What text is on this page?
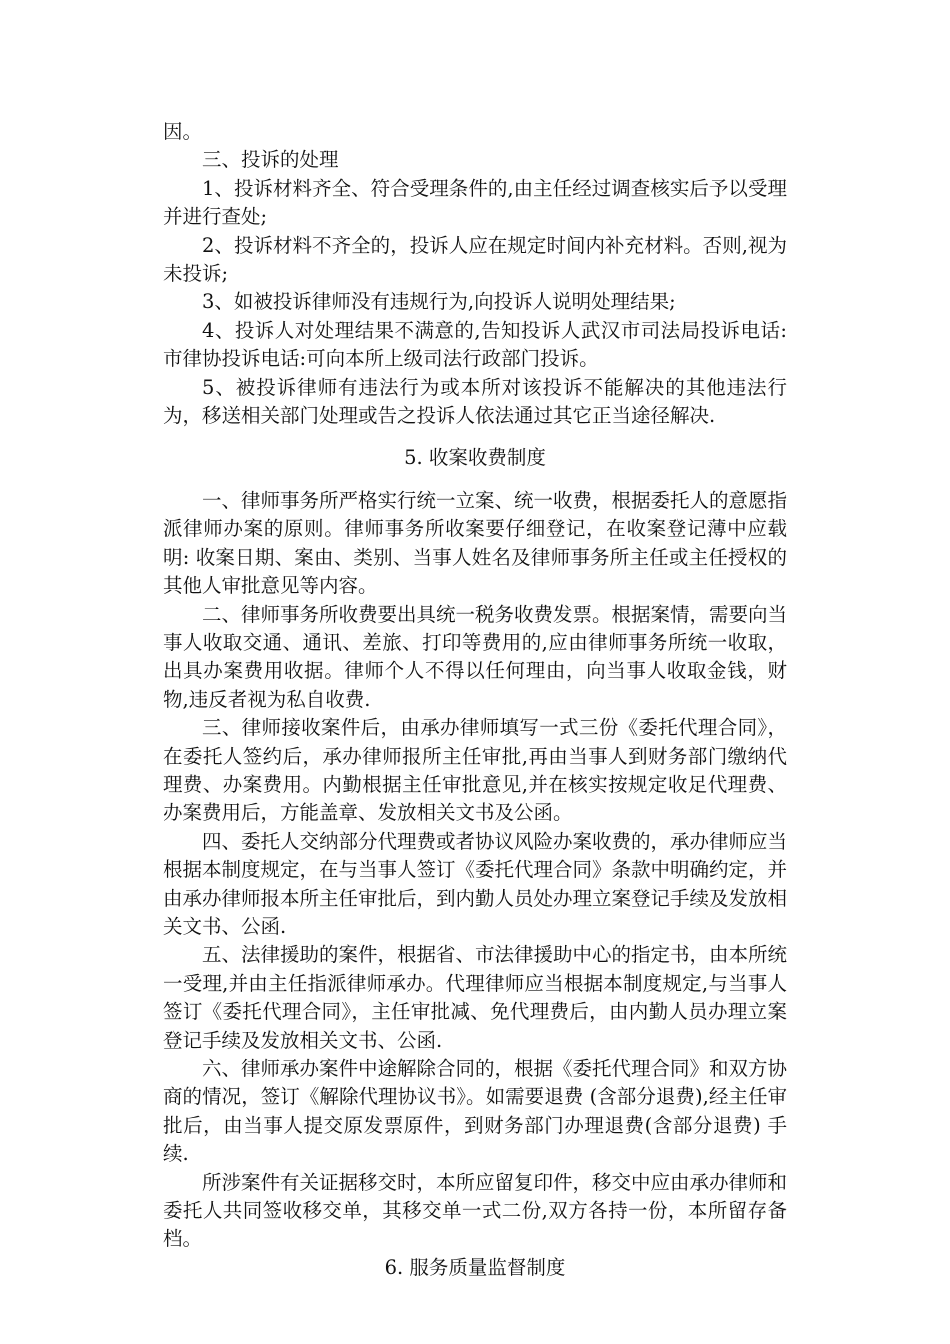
因。

三、投诉的处理

1、投诉材料齐全、符合受理条件的,由主任经过调查核实后予以受理并进行查处;

2、投诉材料不齐全的，投诉人应在规定时间内补充材料。否则,视为未投诉;

3、如被投诉律师没有违规行为,向投诉人说明处理结果;

4、投诉人对处理结果不满意的,告知投诉人武汉市司法局投诉电话: 市律协投诉电话:可向本所上级司法行政部门投诉。

5、被投诉律师有违法行为或本所对该投诉不能解决的其他违法行为，移送相关部门处理或告之投诉人依法通过其它正当途径解决.

5. 收案收费制度

一、律师事务所严格实行统一立案、统一收费，根据委托人的意愿指派律师办案的原则。律师事务所收案要仔细登记，在收案登记薄中应载明: 收案日期、案由、类别、当事人姓名及律师事务所主任或主任授权的其他人审批意见等内容。

二、律师事务所收费要出具统一税务收费发票。根据案情，需要向当事人收取交通、通讯、差旅、打印等费用的,应由律师事务所统一收取，出具办案费用收据。律师个人不得以任何理由，向当事人收取金钱，财物,违反者视为私自收费.

三、律师接收案件后，由承办律师填写一式三份《委托代理合同》，在委托人签约后，承办律师报所主任审批,再由当事人到财务部门缴纳代理费、办案费用。内勤根据主任审批意见,并在核实按规定收足代理费、办案费用后，方能盖章、发放相关文书及公函。

四、委托人交纳部分代理费或者协议风险办案收费的，承办律师应当根据本制度规定，在与当事人签订《委托代理合同》条款中明确约定，并由承办律师报本所主任审批后，到内勤人员处办理立案登记手续及发放相关文书、公函.

五、法律援助的案件，根据省、市法律援助中心的指定书，由本所统一受理,并由主任指派律师承办。代理律师应当根据本制度规定,与当事人签订《委托代理合同》，主任审批减、免代理费后，由内勤人员办理立案登记手续及发放相关文书、公函.

六、律师承办案件中途解除合同的，根据《委托代理合同》和双方协商的情况，签订《解除代理协议书》。如需要退费 (含部分退费),经主任审批后，由当事人提交原发票原件，到财务部门办理退费(含部分退费) 手续.

所涉案件有关证据移交时，本所应留复印件，移交中应由承办律师和委托人共同签收移交单，其移交单一式二份,双方各持一份，本所留存备档。

6. 服务质量监督制度
